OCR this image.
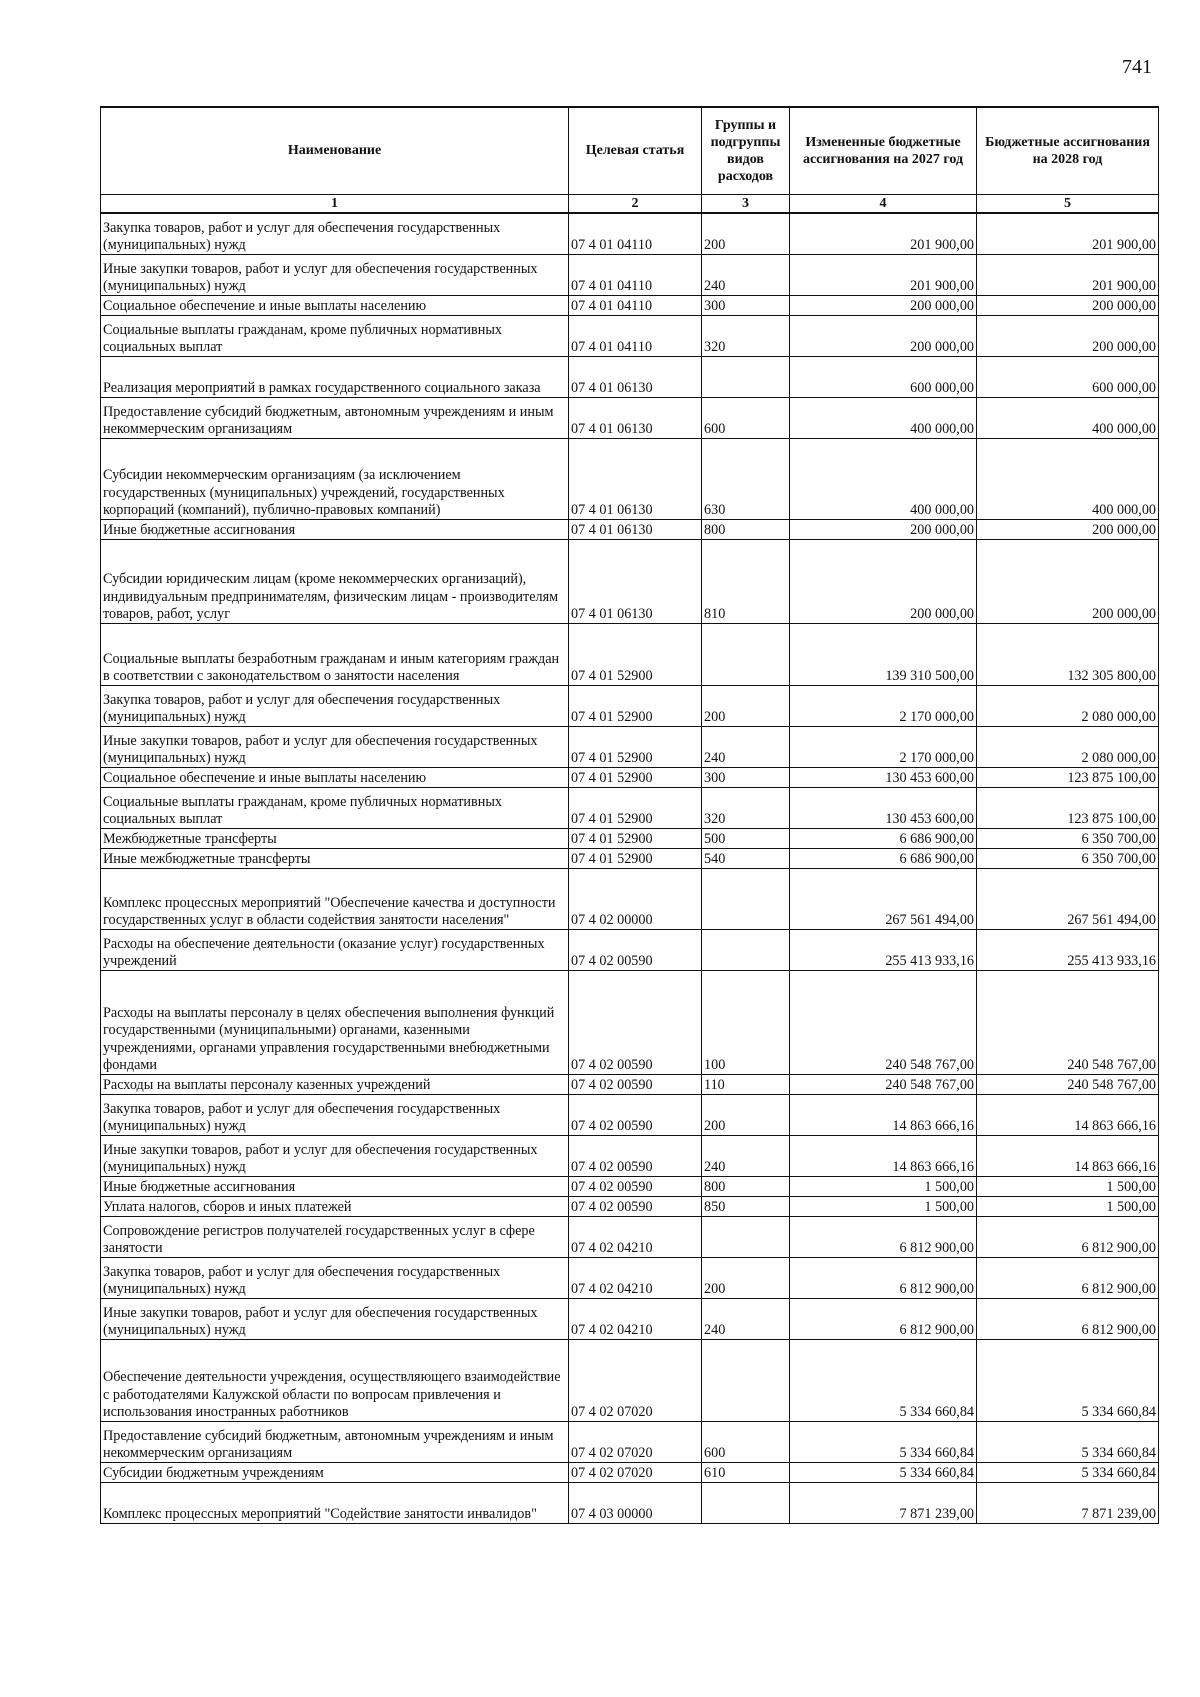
741
Наименование	Целевая статья	Группы и подгруппы видов расходов	Измененные бюджетные ассигнования на 2027 год	Бюджетные ассигнования на 2028 год
1	2	3	4	5
Закупка товаров, работ и услуг для обеспечения государственных (муниципальных) нужд	07 4 01 04110	200	201 900,00	201 900,00
Иные закупки товаров, работ и услуг для обеспечения государственных (муниципальных) нужд	07 4 01 04110	240	201 900,00	201 900,00
Социальное обеспечение и иные выплаты населению	07 4 01 04110	300	200 000,00	200 000,00
Социальные выплаты гражданам, кроме публичных нормативных социальных выплат	07 4 01 04110	320	200 000,00	200 000,00
Реализация мероприятий в рамках государственного социального заказа	07 4 01 06130		600 000,00	600 000,00
Предоставление субсидий бюджетным, автономным учреждениям и иным некоммерческим организациям	07 4 01 06130	600	400 000,00	400 000,00
Субсидии некоммерческим организациям (за исключением государственных (муниципальных) учреждений, государственных корпораций (компаний), публично-правовых компаний)	07 4 01 06130	630	400 000,00	400 000,00
Иные бюджетные ассигнования	07 4 01 06130	800	200 000,00	200 000,00
Субсидии юридическим лицам (кроме некоммерческих организаций), индивидуальным предпринимателям, физическим лицам - производителям товаров, работ, услуг	07 4 01 06130	810	200 000,00	200 000,00
Социальные выплаты безработным гражданам и иным категориям граждан в соответствии с законодательством о занятости населения	07 4 01 52900		139 310 500,00	132 305 800,00
Закупка товаров, работ и услуг для обеспечения государственных (муниципальных) нужд	07 4 01 52900	200	2 170 000,00	2 080 000,00
Иные закупки товаров, работ и услуг для обеспечения государственных (муниципальных) нужд	07 4 01 52900	240	2 170 000,00	2 080 000,00
Социальное обеспечение и иные выплаты населению	07 4 01 52900	300	130 453 600,00	123 875 100,00
Социальные выплаты гражданам, кроме публичных нормативных социальных выплат	07 4 01 52900	320	130 453 600,00	123 875 100,00
Межбюджетные трансферты	07 4 01 52900	500	6 686 900,00	6 350 700,00
Иные межбюджетные трансферты	07 4 01 52900	540	6 686 900,00	6 350 700,00
Комплекс процессных мероприятий "Обеспечение качества и доступности государственных услуг в области содействия занятости населения"	07 4 02 00000		267 561 494,00	267 561 494,00
Расходы на обеспечение деятельности (оказание услуг) государственных учреждений	07 4 02 00590		255 413 933,16	255 413 933,16
Расходы на выплаты персоналу в целях обеспечения выполнения функций государственными (муниципальными) органами, казенными учреждениями, органами управления государственными внебюджетными фондами	07 4 02 00590	100	240 548 767,00	240 548 767,00
Расходы на выплаты персоналу казенных учреждений	07 4 02 00590	110	240 548 767,00	240 548 767,00
Закупка товаров, работ и услуг для обеспечения государственных (муниципальных) нужд	07 4 02 00590	200	14 863 666,16	14 863 666,16
Иные закупки товаров, работ и услуг для обеспечения государственных (муниципальных) нужд	07 4 02 00590	240	14 863 666,16	14 863 666,16
Иные бюджетные ассигнования	07 4 02 00590	800	1 500,00	1 500,00
Уплата налогов, сборов и иных платежей	07 4 02 00590	850	1 500,00	1 500,00
Сопровождение регистров получателей государственных услуг в сфере занятости	07 4 02 04210		6 812 900,00	6 812 900,00
Закупка товаров, работ и услуг для обеспечения государственных (муниципальных) нужд	07 4 02 04210	200	6 812 900,00	6 812 900,00
Иные закупки товаров, работ и услуг для обеспечения государственных (муниципальных) нужд	07 4 02 04210	240	6 812 900,00	6 812 900,00
Обеспечение деятельности учреждения, осуществляющего взаимодействие с работодателями Калужской области по вопросам привлечения и использования иностранных работников	07 4 02 07020		5 334 660,84	5 334 660,84
Предоставление субсидий бюджетным, автономным учреждениям и иным некоммерческим организациям	07 4 02 07020	600	5 334 660,84	5 334 660,84
Субсидии бюджетным учреждениям	07 4 02 07020	610	5 334 660,84	5 334 660,84
Комплекс процессных мероприятий "Содействие занятости инвалидов"	07 4 03 00000		7 871 239,00	7 871 239,00
